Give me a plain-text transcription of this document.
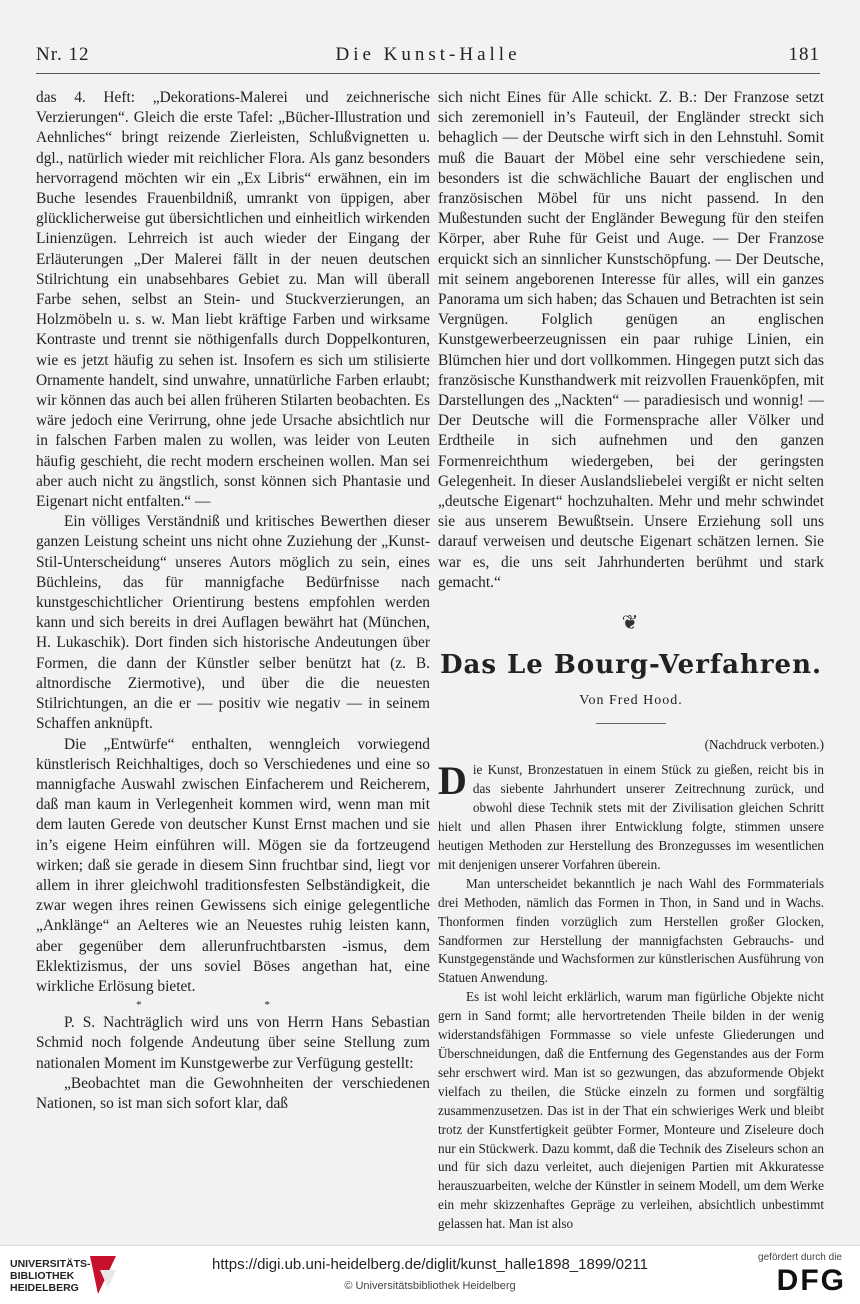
Nr. 12	Die Kunst-Halle	181

das 4. Heft: „Dekorations-Malerei und zeichnerische Verzierungen“. Gleich die erste Tafel: „Bücher-Illustration und Aehnliches“ bringt reizende Zierleisten, Schlußvignetten u. dgl., natürlich wieder mit reichlicher Flora. Als ganz besonders hervorragend möchten wir ein „Ex Libris“ erwähnen, ein im Buche lesendes Frauenbildniß, umrankt von üppigen, aber glücklicherweise gut übersichtlichen und einheitlich wirkenden Linienzügen. Lehrreich ist auch wieder der Eingang der Erläuterungen „Der Malerei fällt in der neuen deutschen Stilrichtung ein unabsehbares Gebiet zu. Man will überall Farbe sehen, selbst an Stein- und Stuckverzierungen, an Holzmöbeln u. s. w. Man liebt kräftige Farben und wirksame Kontraste und trennt sie nöthigenfalls durch Doppelkonturen, wie es jetzt häufig zu sehen ist. Insofern es sich um stilisierte Ornamente handelt, sind unwahre, unnatürliche Farben erlaubt; wir können das auch bei allen früheren Stilarten beobachten. Es wäre jedoch eine Verirrung, ohne jede Ursache absichtlich nur in falschen Farben malen zu wollen, was leider von Leuten häufig geschieht, die recht modern erscheinen wollen. Man sei aber auch nicht zu ängstlich, sonst können sich Phantasie und Eigenart nicht entfalten.“ —

Ein völliges Verständniß und kritisches Bewerthen dieser ganzen Leistung scheint uns nicht ohne Zuziehung der „Kunst-Stil-Unterscheidung“ unseres Autors möglich zu sein, eines Büchleins, das für mannigfache Bedürfnisse nach kunstgeschichtlicher Orientirung bestens empfohlen werden kann und sich bereits in drei Auflagen bewährt hat (München, H. Lukaschik). Dort finden sich historische Andeutungen über Formen, die dann der Künstler selber benützt hat (z. B. altnordische Ziermotive), und über die die neuesten Stilrichtungen, an die er — positiv wie negativ — in seinem Schaffen anknüpft.

Die „Entwürfe“ enthalten, wenngleich vorwiegend künstlerisch Reichhaltiges, doch so Verschiedenes und eine so mannigfache Auswahl zwischen Einfacherem und Reicherem, daß man kaum in Verlegenheit kommen wird, wenn man mit dem lauten Gerede von deutscher Kunst Ernst machen und sie in’s eigene Heim einführen will. Mögen sie da fortzeugend wirken; daß sie gerade in diesem Sinn fruchtbar sind, liegt vor allem in ihrer gleichwohl traditionsfesten Selbständigkeit, die zwar wegen ihres reinen Gewissens sich einige gelegentliche „Anklänge“ an Aelteres wie an Neuestes ruhig leisten kann, aber gegenüber dem allerunfruchtbarsten -ismus, dem Eklektizismus, der uns soviel Böses angethan hat, eine wirkliche Erlösung bietet.

* *

P. S. Nachträglich wird uns von Herrn Hans Sebastian Schmid noch folgende Andeutung über seine Stellung zum nationalen Moment im Kunstgewerbe zur Verfügung gestellt:

„Beobachtet man die Gewohnheiten der verschiedenen Nationen, so ist man sich sofort klar, daß

sich nicht Eines für Alle schickt. Z. B.: Der Franzose setzt sich zeremoniell in’s Fauteuil, der Engländer streckt sich behaglich — der Deutsche wirft sich in den Lehnstuhl. Somit muß die Bauart der Möbel eine sehr verschiedene sein, besonders ist die schwächliche Bauart der englischen und französischen Möbel für uns nicht passend. In den Mußestunden sucht der Engländer Bewegung für den steifen Körper, aber Ruhe für Geist und Auge. — Der Franzose erquickt sich an sinnlicher Kunstschöpfung. — Der Deutsche, mit seinem angeborenen Interesse für alles, will ein ganzes Panorama um sich haben; das Schauen und Betrachten ist sein Vergnügen. Folglich genügen an englischen Kunstgewerbeerzeugnissen ein paar ruhige Linien, ein Blümchen hier und dort vollkommen. Hingegen putzt sich das französische Kunsthandwerk mit reizvollen Frauenköpfen, mit Darstellungen des „Nackten“ — paradiesisch und wonnig! — Der Deutsche will die Formensprache aller Völker und Erdtheile in sich aufnehmen und den ganzen Formenreichthum wiedergeben, bei der geringsten Gelegenheit. In dieser Auslandsliebelei vergißt er nicht selten „deutsche Eigenart“ hochzuhalten. Mehr und mehr schwindet sie aus unserem Bewußtsein. Unsere Erziehung soll uns darauf verweisen und deutsche Eigenart schätzen lernen. Sie war es, die uns seit Jahrhunderten berühmt und stark gemacht.“

❦
Das Le Bourg-Verfahren.
Von Fred Hood.
(Nachdruck verboten.)

Die Kunst, Bronzestatuen in einem Stück zu gießen, reicht bis in das siebente Jahrhundert unserer Zeitrechnung zurück, und obwohl diese Technik stets mit der Zivilisation gleichen Schritt hielt und allen Phasen ihrer Entwicklung folgte, stimmen unsere heutigen Methoden zur Herstellung des Bronzegusses im wesentlichen mit denjenigen unserer Vorfahren überein.

Man unterscheidet bekanntlich je nach Wahl des Formmaterials drei Methoden, nämlich das Formen in Thon, in Sand und in Wachs. Thonformen finden vorzüglich zum Herstellen großer Glocken, Sandformen zur Herstellung der mannigfachsten Gebrauchs- und Kunstgegenstände und Wachsformen zur künstlerischen Ausführung von Statuen Anwendung.

Es ist wohl leicht erklärlich, warum man figürliche Objekte nicht gern in Sand formt; alle hervortretenden Theile bilden in der wenig widerstandsfähigen Formmasse so viele unfeste Gliederungen und Überschneidungen, daß die Entfernung des Gegenstandes aus der Form sehr erschwert wird. Man ist so gezwungen, das abzuformende Objekt vielfach zu theilen, die Stücke einzeln zu formen und sorgfältig zusammenzusetzen. Das ist in der That ein schwieriges Werk und bleibt trotz der Kunstfertigkeit geübter Former, Monteure und Ziseleure doch nur ein Stückwerk. Dazu kommt, daß die Technik des Ziseleurs schon an und für sich dazu verleitet, auch diejenigen Partien mit Akkuratesse herauszuarbeiten, welche der Künstler in seinem Modell, um dem Werke ein mehr skizzenhaftes Gepräge zu verleihen, absichtlich unbestimmt gelassen hat. Man ist also

UNIVERSITÄTS-BIBLIOTHEK HEIDELBERG
https://digi.ub.uni-heidelberg.de/diglit/kunst_halle1898_1899/0211
© Universitätsbibliothek Heidelberg
gefördert durch die
DFG
